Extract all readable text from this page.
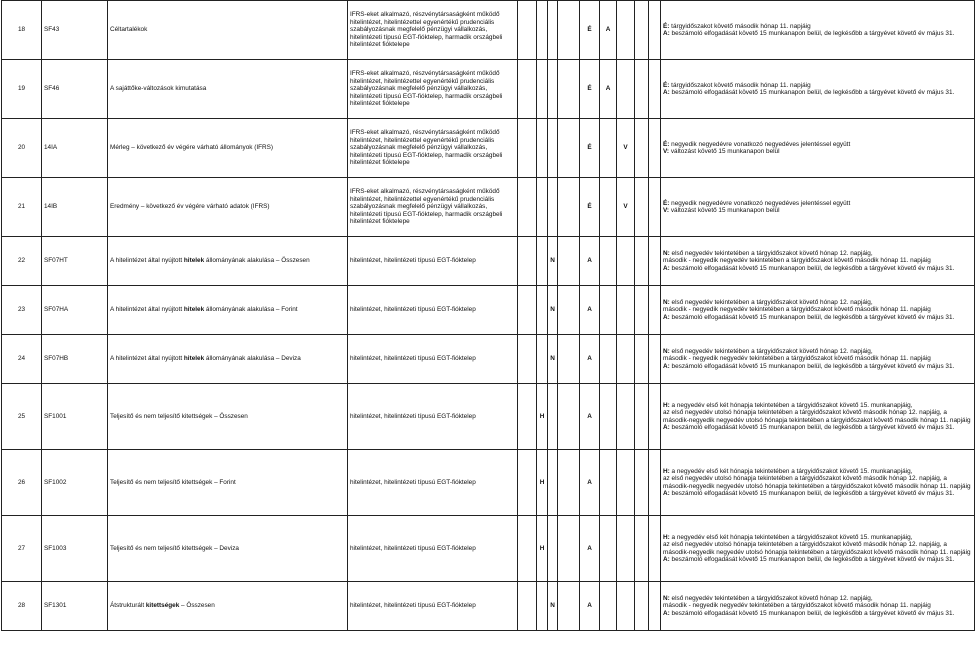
18	SF43	Céltartalékok	IFRS-eket alkalmazó, részvénytársaságként működő hitelintézet, hitelintézettel egyenértékű prudenciális szabályozásnak megfelelő pénzügyi vállalkozás, hitelintézeti típusú EGT-fióktelep, harmadik országbeli hitelintézet fióktelepe					É	A				É: tárgyidőszakot követő második hónap 11. napjáig
A: beszámoló elfogadását követő 15 munkanapon belül, de legkésőbb a tárgyévet követő év május 31.

19	SF46	A sajáttőke-változások kimutatása	IFRS-eket alkalmazó, részvénytársaságként működő hitelintézet, hitelintézettel egyenértékű prudenciális szabályozásnak megfelelő pénzügyi vállalkozás, hitelintézeti típusú EGT-fióktelep, harmadik országbeli hitelintézet fióktelepe					É	A				É: tárgyidőszakot követő második hónap 11. napjáig
A: beszámoló elfogadását követő 15 munkanapon belül, de legkésőbb a tárgyévet követő év május 31.

20	14IA	Mérleg – következő év végére várható állományok (IFRS)	IFRS-eket alkalmazó, részvénytársaságként működő hitelintézet, hitelintézettel egyenértékű prudenciális szabályozásnak megfelelő pénzügyi vállalkozás, hitelintézeti típusú EGT-fióktelep, harmadik országbeli hitelintézet fióktelepe					É		V			É: negyedik negyedévre vonatkozó negyedéves jelentéssel együtt
V: változást követő 15 munkanapon belül

21	14IB	Eredmény – következő év végére várható adatok (IFRS)	IFRS-eket alkalmazó, részvénytársaságként működő hitelintézet, hitelintézettel egyenértékű prudenciális szabályozásnak megfelelő pénzügyi vállalkozás, hitelintézeti típusú EGT-fióktelep, harmadik országbeli hitelintézet fióktelepe					É		V			É: negyedik negyedévre vonatkozó negyedéves jelentéssel együtt
V: változást követő 15 munkanapon belül

22	SF07HT	A hitelintézet által nyújtott hitelek állományának alakulása – Összesen	hitelintézet, hitelintézeti típusú EGT-fióktelep			N		A					N: első negyedév tekintetében a tárgyidőszakot követő hónap 12. napjáig,
második - negyedik negyedév tekintetében a tárgyidőszakot követő második hónap 11. napjáig
A: beszámoló elfogadását követő 15 munkanapon belül, de legkésőbb a tárgyévet követő év május 31.

23	SF07HA	A hitelintézet által nyújtott hitelek állományának alakulása – Forint	hitelintézet, hitelintézeti típusú EGT-fióktelep			N		A					N: első negyedév tekintetében a tárgyidőszakot követő hónap 12. napjáig,
második - negyedik negyedév tekintetében a tárgyidőszakot követő második hónap 11. napjáig
A: beszámoló elfogadását követő 15 munkanapon belül, de legkésőbb a tárgyévet követő év május 31.

24	SF07HB	A hitelintézet által nyújtott hitelek állományának alakulása – Deviza	hitelintézet, hitelintézeti típusú EGT-fióktelep			N		A					N: első negyedév tekintetében a tárgyidőszakot követő hónap 12. napjáig,
második - negyedik negyedév tekintetében a tárgyidőszakot követő második hónap 11. napjáig
A: beszámoló elfogadását követő 15 munkanapon belül, de legkésőbb a tárgyévet követő év május 31.

25	SF1001	Teljesítő és nem teljesítő kitettségek – Összesen	hitelintézet, hitelintézeti típusú EGT-fióktelep		H			A					H: a negyedév első két hónapja tekintetében a tárgyidőszakot követő 15. munkanapjáig,
az első negyedév utolsó hónapja tekintetében a tárgyidőszakot követő második hónap 12. napjáig, a második-negyedik negyedév utolsó hónapja tekintetében a tárgyidőszakot követő második hónap 11. napjáig
A: beszámoló elfogadását követő 15 munkanapon belül, de legkésőbb a tárgyévet követő év május 31.

26	SF1002	Teljesítő és nem teljesítő kitettségek – Forint	hitelintézet, hitelintézeti típusú EGT-fióktelep		H			A					H: a negyedév első két hónapja tekintetében a tárgyidőszakot követő 15. munkanapjáig,
az első negyedév utolsó hónapja tekintetében a tárgyidőszakot követő második hónap 12. napjáig, a második-negyedik negyedév utolsó hónapja tekintetében a tárgyidőszakot követő második hónap 11. napjáig
A: beszámoló elfogadását követő 15 munkanapon belül, de legkésőbb a tárgyévet követő év május 31.

27	SF1003	Teljesítő és nem teljesítő kitettségek – Deviza	hitelintézet, hitelintézeti típusú EGT-fióktelep		H			A					H: a negyedév első két hónapja tekintetében a tárgyidőszakot követő 15. munkanapjáig,
az első negyedév utolsó hónapja tekintetében a tárgyidőszakot követő második hónap 12. napjáig, a második-negyedik negyedév utolsó hónapja tekintetében a tárgyidőszakot követő második hónap 11. napjáig
A: beszámoló elfogadását követő 15 munkanapon belül, de legkésőbb a tárgyévet követő év május 31.

28	SF1301	Átstrukturált kitettségek – Összesen	hitelintézet, hitelintézeti típusú EGT-fióktelep			N		A					N: első negyedév tekintetében a tárgyidőszakot követő hónap 12. napjáig,
második - negyedik negyedév tekintetében a tárgyidőszakot követő második hónap 11. napjáig
A: beszámoló elfogadását követő 15 munkanapon belül, de legkésőbb a tárgyévet követő év május 31.
